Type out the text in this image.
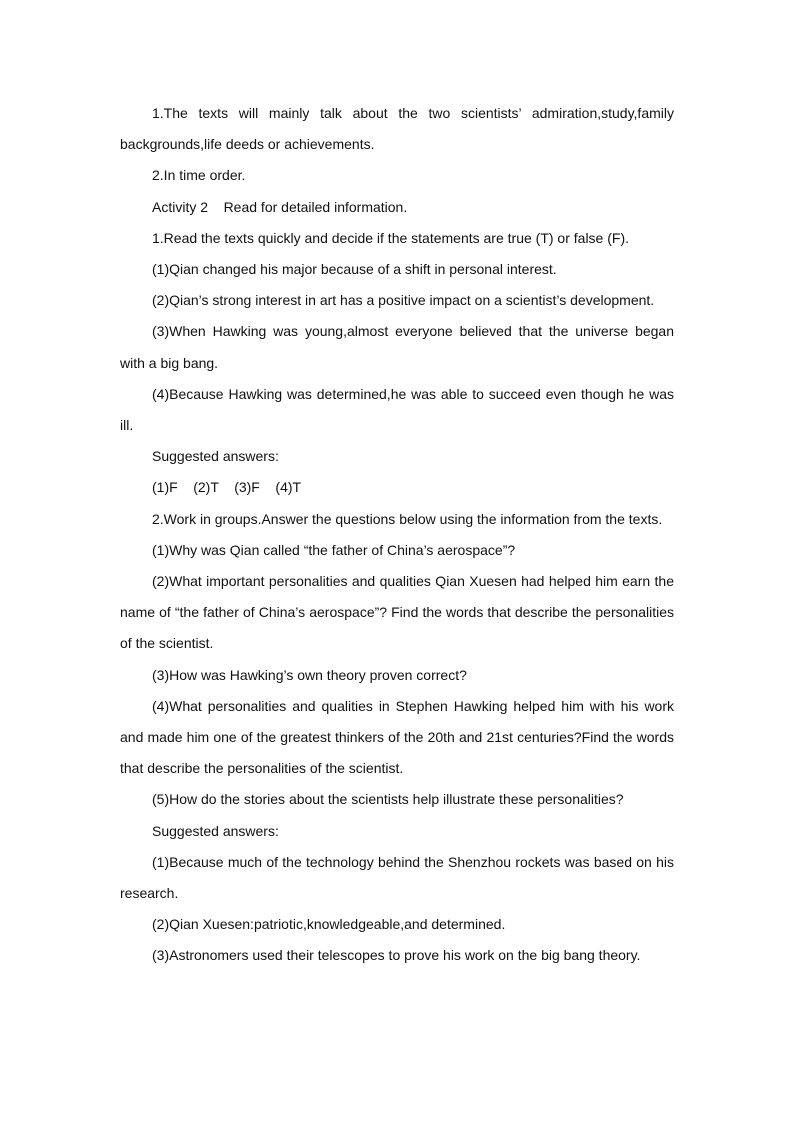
1.The texts will mainly talk about the two scientists’ admiration,study,family backgrounds,life deeds or achievements.

2.In time order.

Activity 2    Read for detailed information.

1.Read the texts quickly and decide if the statements are true (T) or false (F).

(1)Qian changed his major because of a shift in personal interest.

(2)Qian’s strong interest in art has a positive impact on a scientist’s development.

(3)When Hawking was young,almost everyone believed that the universe began with a big bang.

(4)Because Hawking was determined,he was able to succeed even though he was ill.

Suggested answers:

(1)F    (2)T    (3)F    (4)T

2.Work in groups.Answer the questions below using the information from the texts.

(1)Why was Qian called “the father of China’s aerospace”?

(2)What important personalities and qualities Qian Xuesen had helped him earn the name of “the father of China’s aerospace”? Find the words that describe the personalities of the scientist.

(3)How was Hawking’s own theory proven correct?

(4)What personalities and qualities in Stephen Hawking helped him with his work and made him one of the greatest thinkers of the 20th and 21st centuries?Find the words that describe the personalities of the scientist.

(5)How do the stories about the scientists help illustrate these personalities?

Suggested answers:

(1)Because much of the technology behind the Shenzhou rockets was based on his research.

(2)Qian Xuesen:patriotic,knowledgeable,and determined.

(3)Astronomers used their telescopes to prove his work on the big bang theory.
